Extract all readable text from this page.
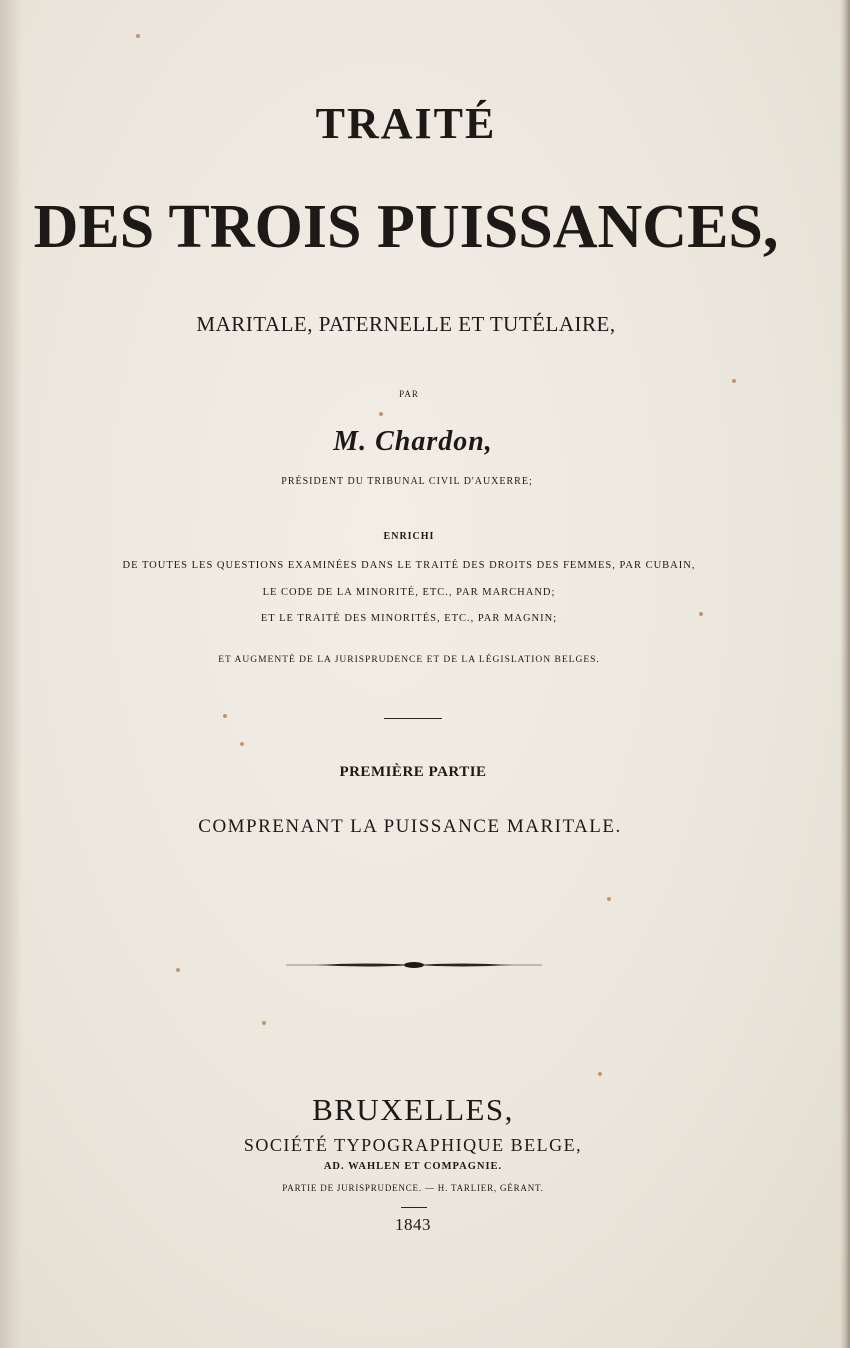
TRAITÉ
DES TROIS PUISSANCES,
MARITALE, PATERNELLE ET TUTÉLAIRE,
PAR
M. Chardon,
PRÉSIDENT DU TRIBUNAL CIVIL D'AUXERRE;
ENRICHI
DE TOUTES LES QUESTIONS EXAMINÉES DANS LE TRAITÉ DES DROITS DES FEMMES, PAR CUBAIN,
LE CODE DE LA MINORITÉ, ETC., PAR MARCHAND;
ET LE TRAITÉ DES MINORITÉS, ETC., PAR MAGNIN;
ET AUGMENTÉ DE LA JURISPRUDENCE ET DE LA LÉGISLATION BELGES.
PREMIÈRE PARTIE
COMPRENANT LA PUISSANCE MARITALE.
BRUXELLES,
SOCIÉTÉ TYPOGRAPHIQUE BELGE,
AD. WAHLEN ET COMPAGNIE.
PARTIE DE JURISPRUDENCE. — H. TARLIER, GÉRANT.
1843
